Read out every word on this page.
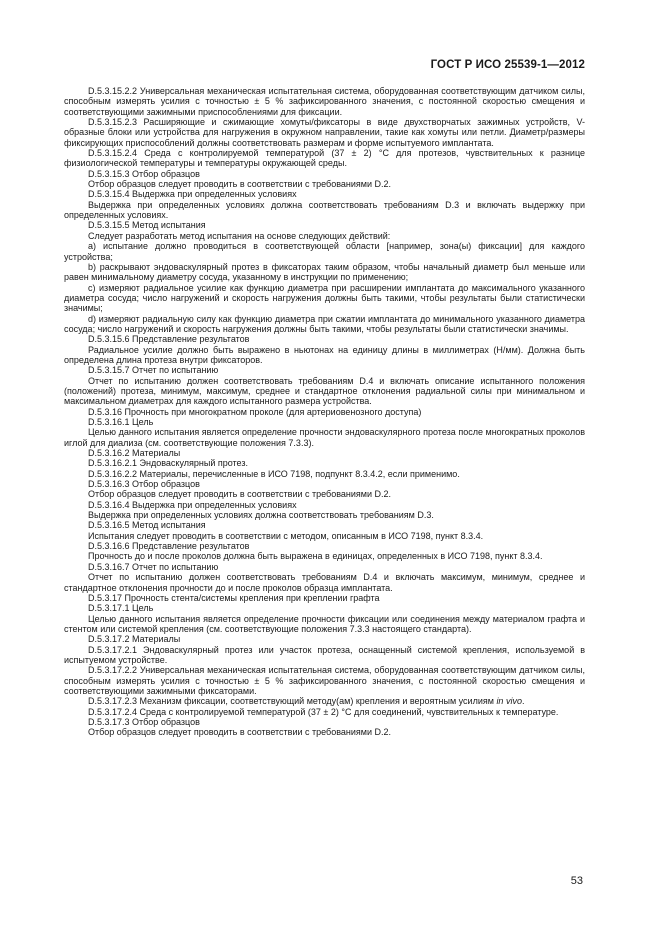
ГОСТ Р ИСО 25539-1—2012

D.5.3.15.2.2 Универсальная механическая испытательная система, оборудованная соответствующим датчиком силы, способным измерять усилия с точностью ± 5 % зафиксированного значения, с постоянной скоростью смещения и соответствующими зажимными приспособлениями для фиксации.

D.5.3.15.2.3 Расширяющие и сжимающие хомуты/фиксаторы в виде двухстворчатых зажимных устройств, V-образные блоки или устройства для нагружения в окружном направлении, такие как хомуты или петли. Диаметр/размеры фиксирующих приспособлений должны соответствовать размерам и форме испытуемого имплантата.

D.5.3.15.2.4 Среда с контролируемой температурой (37 ± 2) °С для протезов, чувствительных к разнице физиологической температуры и температуры окружающей среды.

D.5.3.15.3 Отбор образцов

Отбор образцов следует проводить в соответствии с требованиями D.2.

D.5.3.15.4 Выдержка при определенных условиях

Выдержка при определенных условиях должна соответствовать требованиям D.3 и включать выдержку при определенных условиях.

D.5.3.15.5 Метод испытания

Следует разработать метод испытания на основе следующих действий:

а) испытание должно проводиться в соответствующей области [например, зона(ы) фиксации] для каждого устройства;

b) раскрывают эндоваскулярный протез в фиксаторах таким образом, чтобы начальный диаметр был меньше или равен минимальному диаметру сосуда, указанному в инструкции по применению;

с) измеряют радиальное усилие как функцию диаметра при расширении имплантата до максимального указанного диаметра сосуда; число нагружений и скорость нагружения должны быть такими, чтобы результаты были статистически значимы;

d) измеряют радиальную силу как функцию диаметра при сжатии имплантата до минимального указанного диаметра сосуда; число нагружений и скорость нагружения должны быть такими, чтобы результаты были статистически значимы.

D.5.3.15.6 Представление результатов

Радиальное усилие должно быть выражено в ньютонах на единицу длины в миллиметрах (Н/мм). Должна быть определена длина протеза внутри фиксаторов.

D.5.3.15.7 Отчет по испытанию

Отчет по испытанию должен соответствовать требованиям D.4 и включать описание испытанного положения (положений) протеза, минимум, максимум, среднее и стандартное отклонения радиальной силы при минимальном и максимальном диаметрах для каждого испытанного размера устройства.

D.5.3.16 Прочность при многократном проколе (для артериовенозного доступа)

D.5.3.16.1 Цель

Целью данного испытания является определение прочности эндоваскулярного протеза после многократных проколов иглой для диализа (см. соответствующие положения 7.3.3).

D.5.3.16.2 Материалы

D.5.3.16.2.1 Эндоваскулярный протез.

D.5.3.16.2.2 Материалы, перечисленные в ИСО 7198, подпункт 8.3.4.2, если применимо.

D.5.3.16.3 Отбор образцов

Отбор образцов следует проводить в соответствии с требованиями D.2.

D.5.3.16.4 Выдержка при определенных условиях

Выдержка при определенных условиях должна соответствовать требованиям D.3.

D.5.3.16.5 Метод испытания

Испытания следует проводить в соответствии с методом, описанным в ИСО 7198, пункт 8.3.4.

D.5.3.16.6 Представление результатов

Прочность до и после проколов должна быть выражена в единицах, определенных в ИСО 7198, пункт 8.3.4.

D.5.3.16.7 Отчет по испытанию

Отчет по испытанию должен соответствовать требованиям D.4 и включать максимум, минимум, среднее и стандартное отклонения прочности до и после проколов образца имплантата.

D.5.3.17 Прочность стента/системы крепления при креплении графта

D.5.3.17.1 Цель

Целью данного испытания является определение прочности фиксации или соединения между материалом графта и стентом или системой крепления (см. соответствующие положения 7.3.3 настоящего стандарта).

D.5.3.17.2 Материалы

D.5.3.17.2.1 Эндоваскулярный протез или участок протеза, оснащенный системой крепления, используемой в испытуемом устройстве.

D.5.3.17.2.2 Универсальная механическая испытательная система, оборудованная соответствующим датчиком силы, способным измерять усилия с точностью ± 5 % зафиксированного значения, с постоянной скоростью смещения и соответствующими зажимными фиксаторами.

D.5.3.17.2.3 Механизм фиксации, соответствующий методу(ам) крепления и вероятным усилиям in vivo.

D.5.3.17.2.4 Среда с контролируемой температурой (37 ± 2) °С для соединений, чувствительных к температуре.

D.5.3.17.3 Отбор образцов

Отбор образцов следует проводить в соответствии с требованиями D.2.

53
